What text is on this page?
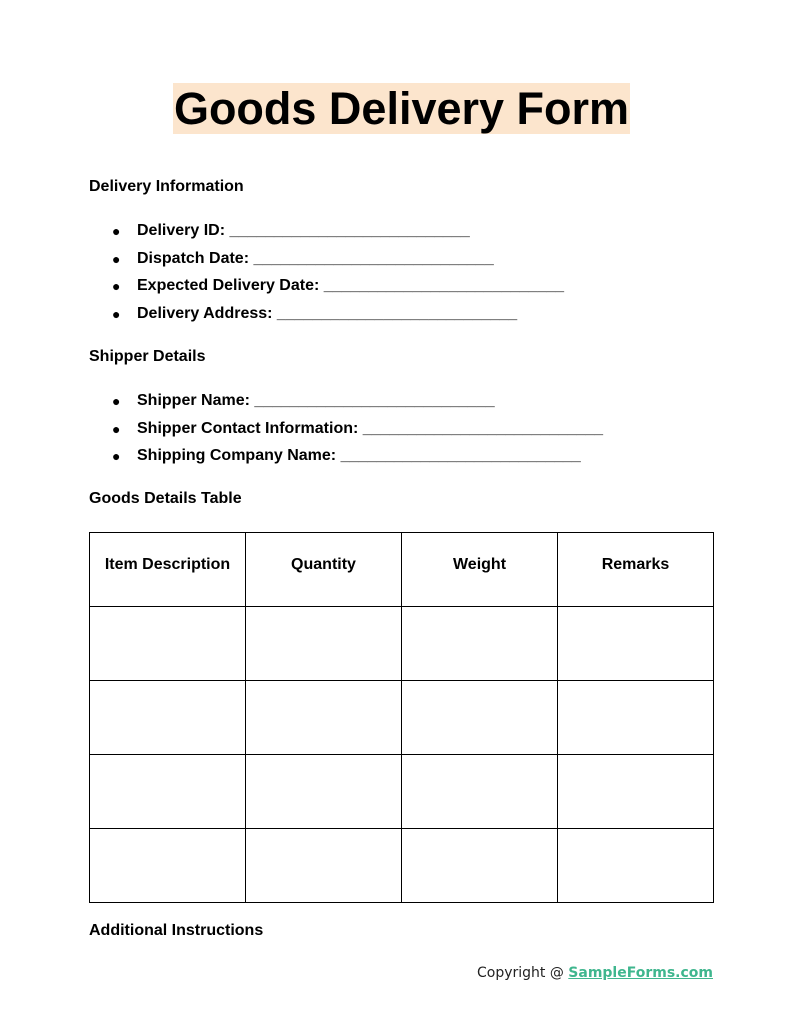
Goods Delivery Form
Delivery Information
● Delivery ID: ___________________________
● Dispatch Date: ___________________________
● Expected Delivery Date: ___________________________
● Delivery Address: ___________________________
Shipper Details
● Shipper Name: ___________________________
● Shipper Contact Information: ___________________________
● Shipping Company Name: ___________________________
Goods Details Table
Item Description	Quantity	Weight	Remarks

Additional Instructions
Copyright @ SampleForms.com
